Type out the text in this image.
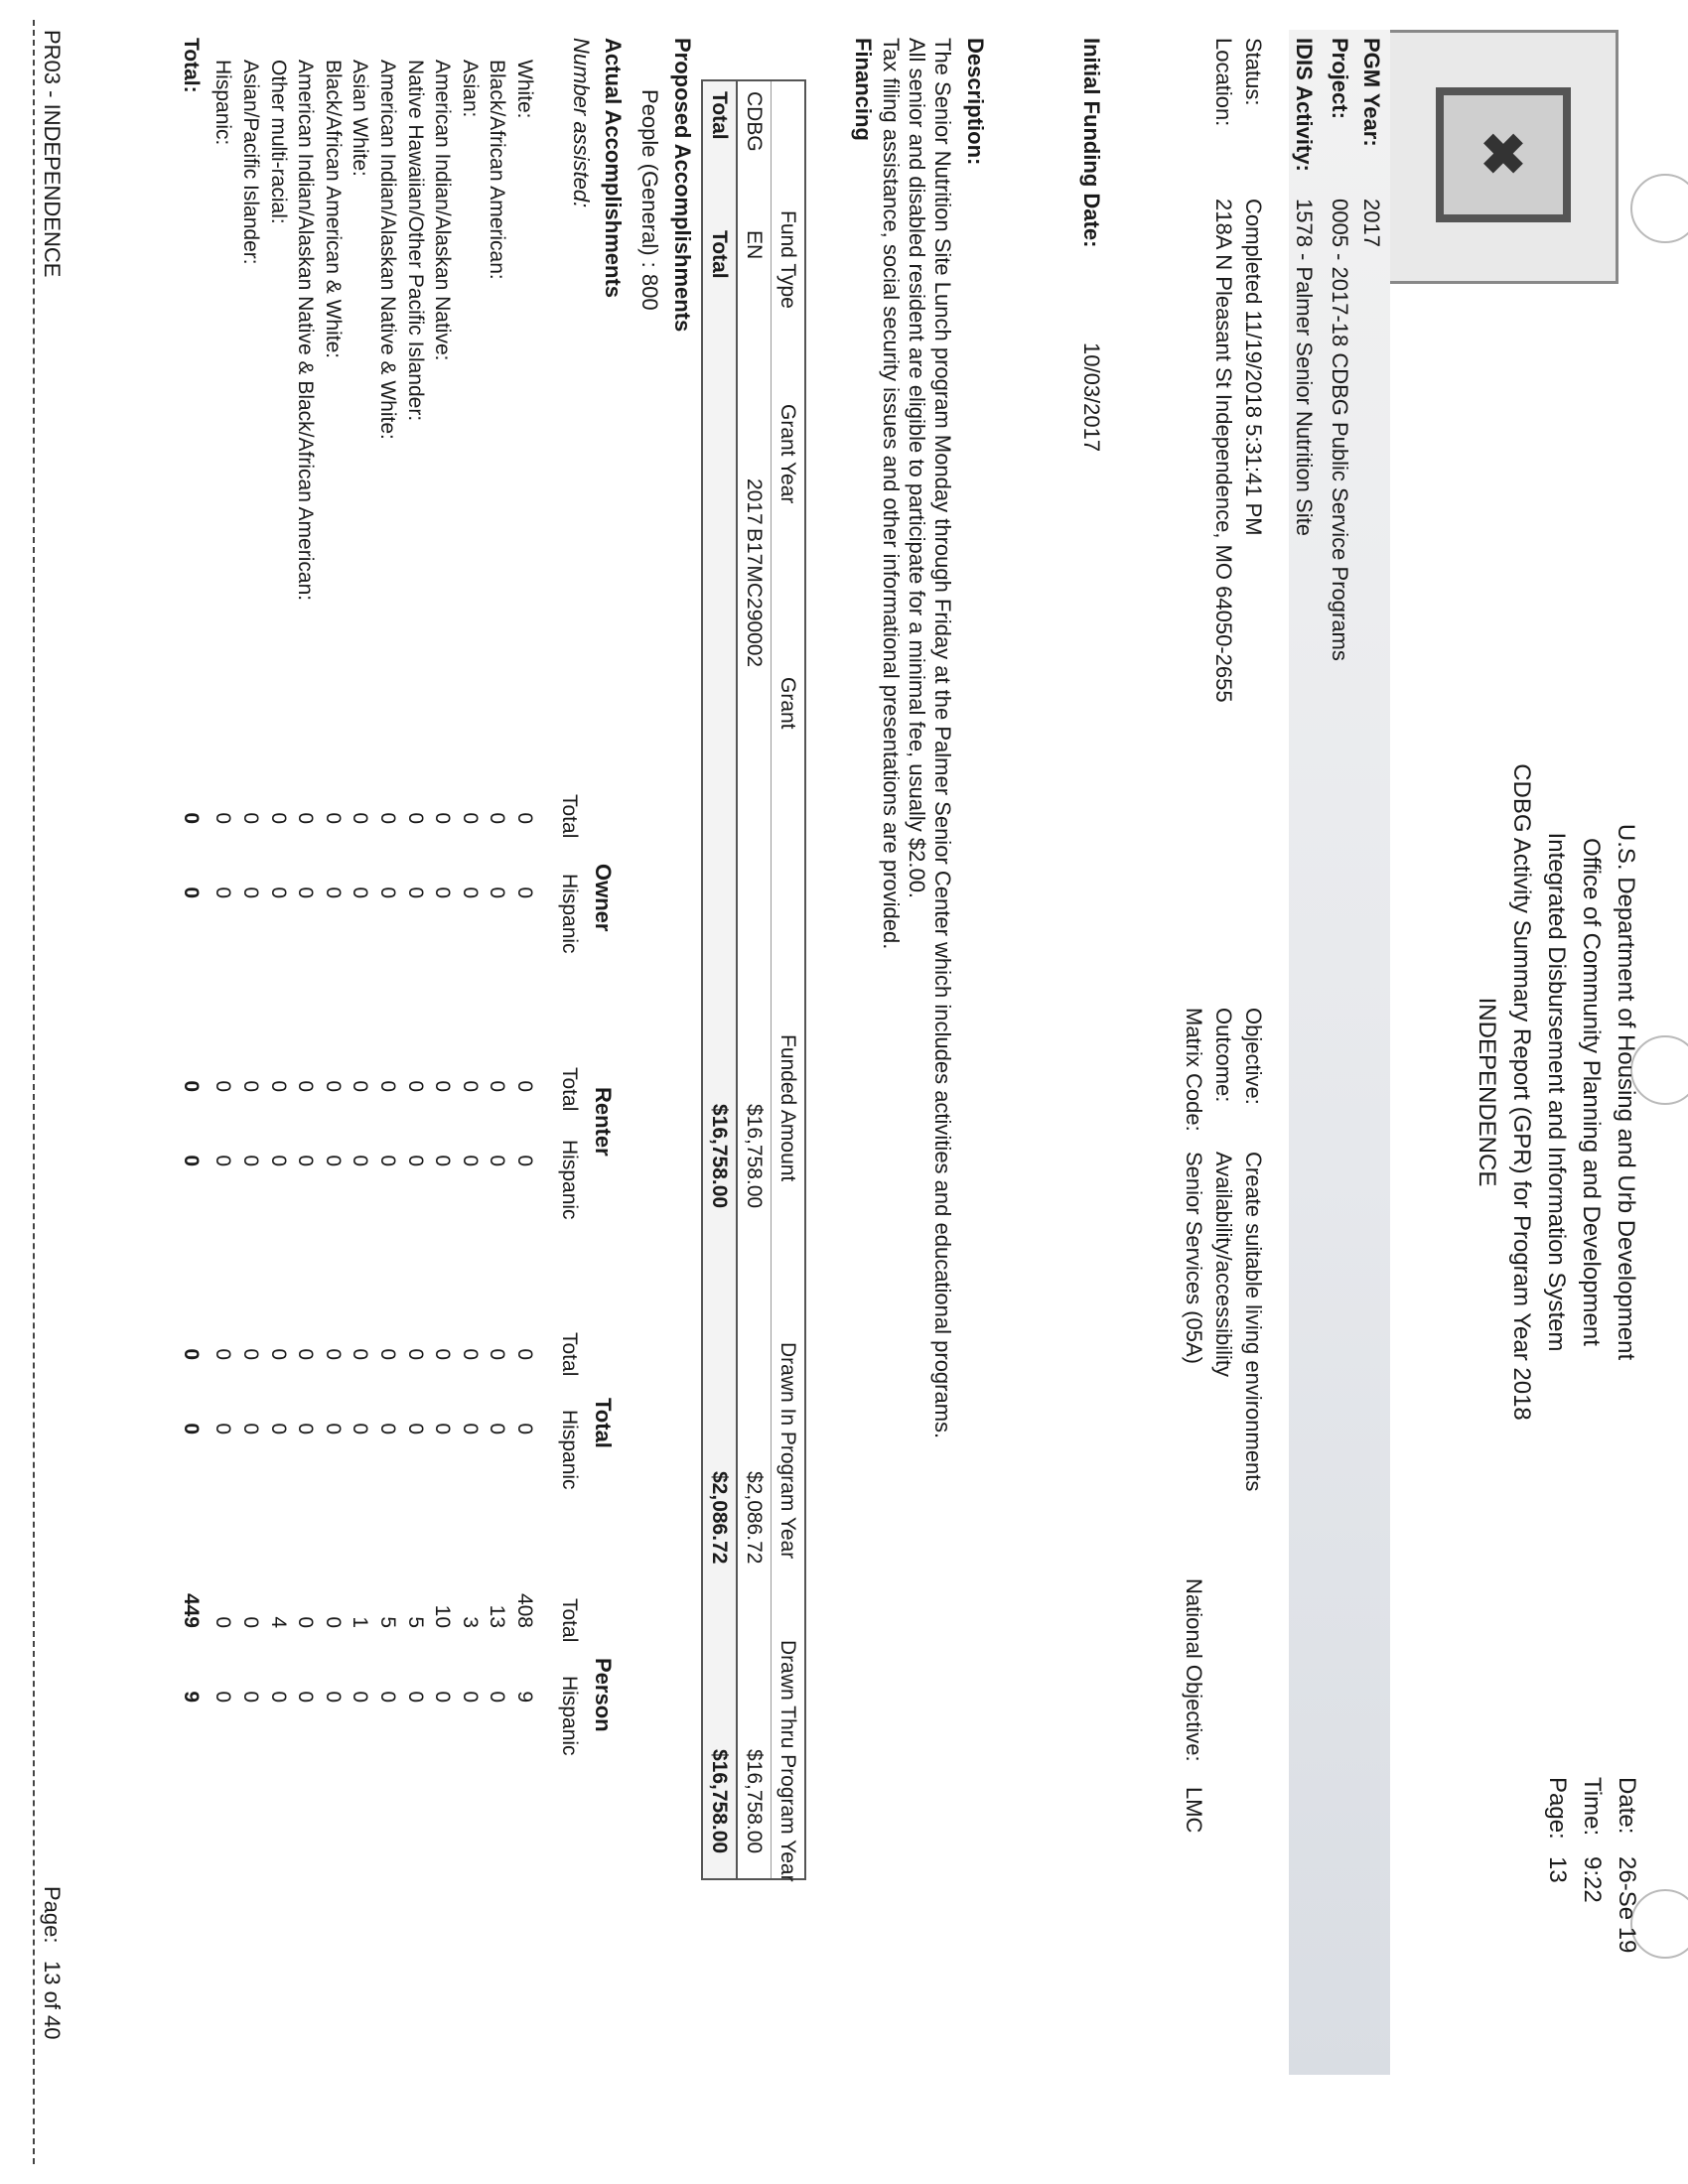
✖
U.S. Department of Housing and Urb Development
Office of Community Planning and Development
Integrated Disbursement and Information System
CDBG Activity Summary Report (GPR) for Program Year 2018
INDEPENDENCE
Date:
26-Se 19
Time:
9:22
Page:
13
PGM Year:
2017
Project:
0005 - 2017-18 CDBG Public Service Programs
IDIS Activity:
1578 - Palmer Senior Nutrition Site
Status:
Completed 11/19/2018 5:31:41 PM
Location:
218A N Pleasant St Independence, MO 64050-2655
Objective:
Create suitable living environments
Outcome:
Availability/accessibility
Matrix Code:
Senior Services (05A)
National Objective:
LMC
Initial Funding Date:
10/03/2017
Description:
The Senior Nutrition Site Lunch program Monday through Friday at the Palmer Senior Center which includes activities and educational programs.
All senior and disabled resident are eligible to participate for a minimal fee, usually $2.00.
Tax filing assistance, social security issues and other informational presentations are provided.
Financing
Fund Type
Grant Year
Grant
Funded Amount
Drawn In Program Year
Drawn Thru Program Year
CDBG
EN
2017
B17MC290002
$16,758.00
$2,086.72
$16,758.00
Total
Total
$16,758.00
$2,086.72
$16,758.00
Proposed Accomplishments
People (General) : 800
Actual Accomplishments
Number assisted:
Owner
Renter
Total
Person
Total
Hispanic
Total
Hispanic
Total
Hispanic
Total
Hispanic
White:
0
0
0
0
0
0
408
9
Black/African American:
0
0
0
0
0
0
13
0
Asian:
0
0
0
0
0
0
3
0
American Indian/Alaskan Native:
0
0
0
0
0
0
10
0
Native Hawaiian/Other Pacific Islander:
0
0
0
0
0
0
5
0
American Indian/Alaskan Native & White:
0
0
0
0
0
0
5
0
Asian White:
0
0
0
0
0
0
1
0
Black/African American & White:
0
0
0
0
0
0
0
0
American Indian/Alaskan Native & Black/African American:
0
0
0
0
0
0
0
0
Other multi-racial:
0
0
0
0
0
0
4
0
Asian/Pacific Islander:
0
0
0
0
0
0
0
0
Hispanic:
0
0
0
0
0
0
0
0
Total:
0
0
0
0
0
0
449
9
PR03 - INDEPENDENCE
Page:
13 of 40
